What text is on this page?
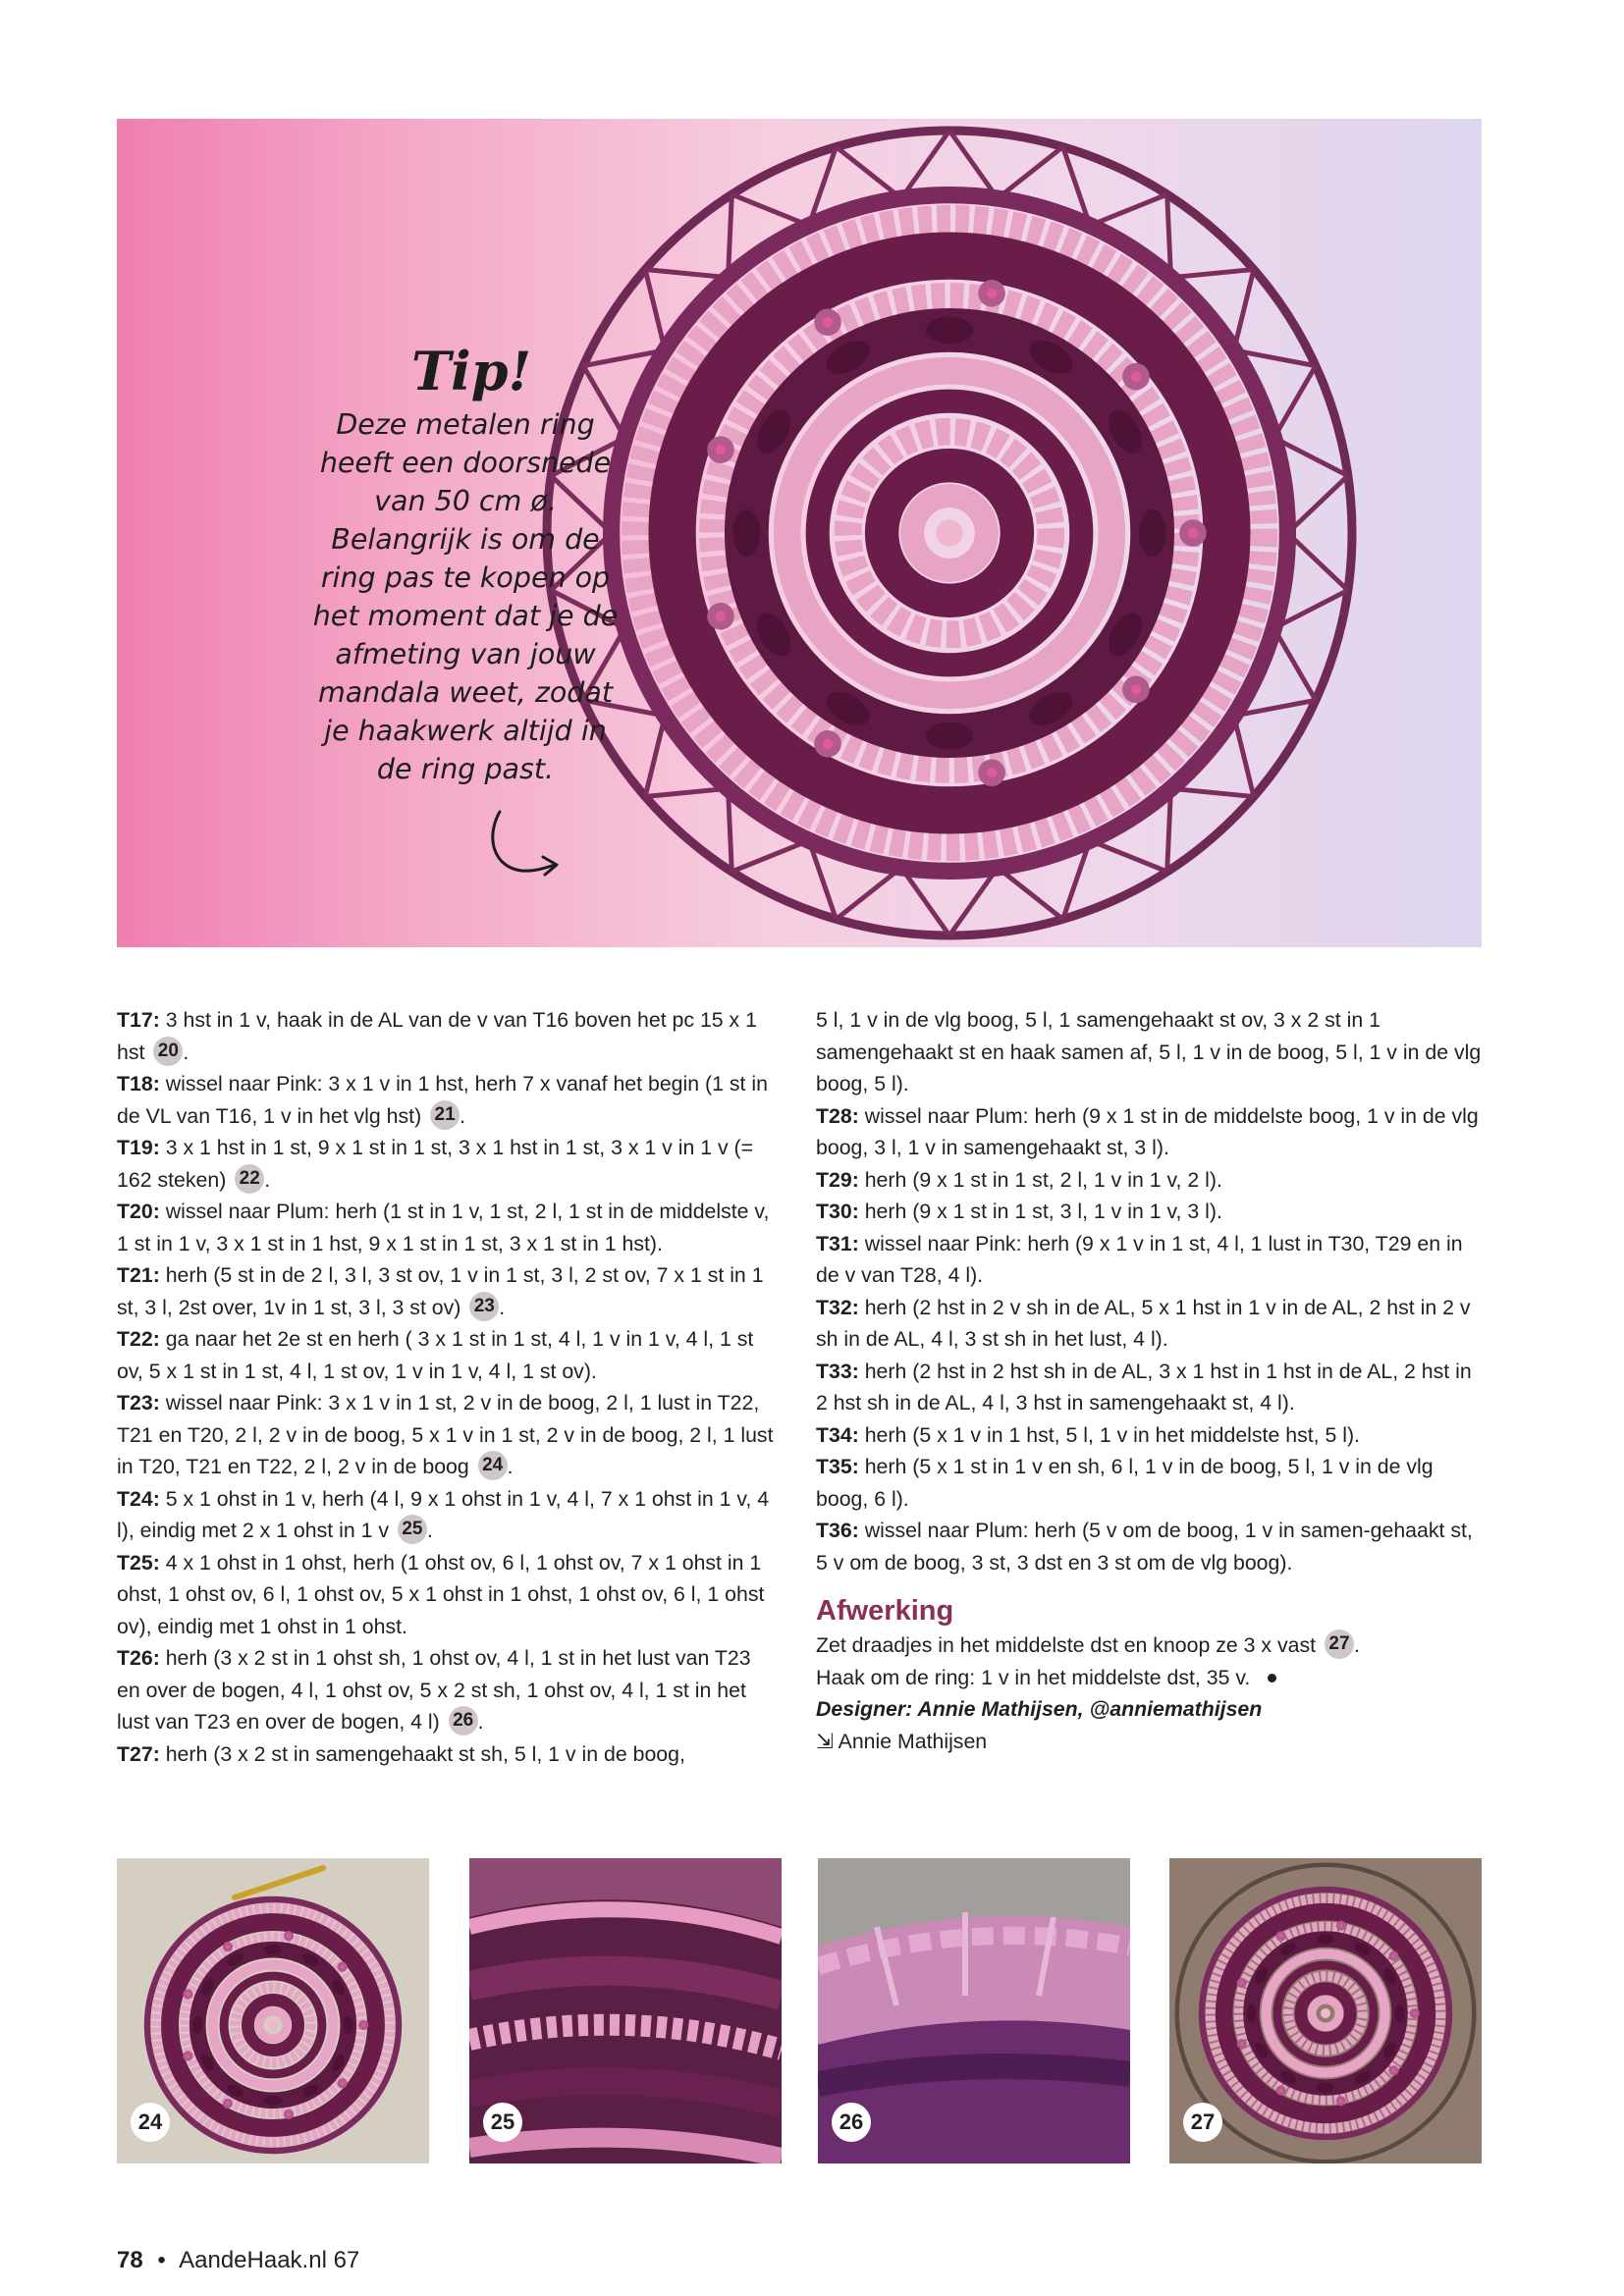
Tip!
Deze metalen ring
heeft een doorsnede
van 50 cm ø.
Belangrijk is om de
ring pas te kopen op
het moment dat je de
afmeting van jouw
mandala weet, zodat
je haakwerk altijd in
de ring past.

T17: 3 hst in 1 v, haak in de AL van de v van T16 boven het pc 15 x 1 hst 20 .

T18: wissel naar Pink: 3 x 1 v in 1 hst, herh 7 x vanaf het begin (1 st in de VL van T16, 1 v in het vlg hst) 21 .

T19: 3 x 1 hst in 1 st, 9 x 1 st in 1 st, 3 x 1 hst in 1 st, 3 x 1 v in 1 v (= 162 steken) 22 .

T20: wissel naar Plum: herh (1 st in 1 v, 1 st, 2 l, 1 st in de middelste v, 1 st in 1 v, 3 x 1 st in 1 hst, 9 x 1 st in 1 st, 3 x 1 st in 1 hst).

T21: herh (5 st in de 2 l, 3 l, 3 st ov, 1 v in 1 st, 3 l, 2 st ov, 7 x 1 st in 1 st, 3 l, 2st over, 1v in 1 st, 3 l, 3 st ov) 23 .

T22: ga naar het 2e st en herh ( 3 x 1 st in 1 st, 4 l, 1 v in 1 v, 4 l, 1 st ov, 5 x 1 st in 1 st, 4 l, 1 st ov, 1 v in 1 v, 4 l, 1 st ov).

T23: wissel naar Pink: 3 x 1 v in 1 st, 2 v in de boog, 2 l, 1 lust in T22, T21 en T20, 2 l, 2 v in de boog, 5 x 1 v in 1 st, 2 v in de boog, 2 l, 1 lust in T20, T21 en T22, 2 l, 2 v in de boog 24 .

T24: 5 x 1 ohst in 1 v, herh (4 l, 9 x 1 ohst in 1 v, 4 l, 7 x 1 ohst in 1 v, 4 l), eindig met 2 x 1 ohst in 1 v 25 .

T25: 4 x 1 ohst in 1 ohst, herh (1 ohst ov, 6 l, 1 ohst ov, 7 x 1 ohst in 1 ohst, 1 ohst ov, 6 l, 1 ohst ov, 5 x 1 ohst in 1 ohst, 1 ohst ov, 6 l, 1 ohst ov), eindig met 1 ohst in 1 ohst.

T26: herh (3 x 2 st in 1 ohst sh, 1 ohst ov, 4 l, 1 st in het lust van T23 en over de bogen, 4 l, 1 ohst ov, 5 x 2 st sh, 1 ohst ov, 4 l, 1 st in het lust van T23 en over de bogen, 4 l) 26 .

T27: herh (3 x 2 st in samengehaakt st sh, 5 l, 1 v in de boog,

5 l, 1 v in de vlg boog, 5 l, 1 samengehaakt st ov, 3 x 2 st in 1 samengehaakt st en haak samen af, 5 l, 1 v in de boog, 5 l, 1 v in de vlg boog, 5 l).

T28: wissel naar Plum: herh (9 x 1 st in de middelste boog, 1 v in de vlg boog, 3 l, 1 v in samengehaakt st, 3 l).

T29: herh (9 x 1 st in 1 st, 2 l, 1 v in 1 v, 2 l).

T30: herh (9 x 1 st in 1 st, 3 l, 1 v in 1 v, 3 l).

T31: wissel naar Pink: herh (9 x 1 v in 1 st, 4 l, 1 lust in T30, T29 en in de v van T28, 4 l).

T32: herh (2 hst in 2 v sh in de AL, 5 x 1 hst in 1 v in de AL, 2 hst in 2 v sh in de AL, 4 l, 3 st sh in het lust, 4 l).

T33: herh (2 hst in 2 hst sh in de AL, 3 x 1 hst in 1 hst in de AL, 2 hst in 2 hst sh in de AL, 4 l, 3 hst in samengehaakt st, 4 l).

T34: herh (5 x 1 v in 1 hst, 5 l, 1 v in het middelste hst, 5 l).

T35: herh (5 x 1 st in 1 v en sh, 6 l, 1 v in de boog, 5 l, 1 v in de vlg boog, 6 l).

T36: wissel naar Plum: herh (5 v om de boog, 1 v in samen-gehaakt st, 5 v om de boog, 3 st, 3 dst en 3 st om de vlg boog).

Afwerking

Zet draadjes in het middelste dst en knoop ze 3 x vast 27 .

Haak om de ring: 1 v in het middelste dst, 35 v.

Designer: Annie Mathijsen, @anniemathijsen

⇲ Annie Mathijsen

24	25	26	27
78 • AandeHaak.nl 67
